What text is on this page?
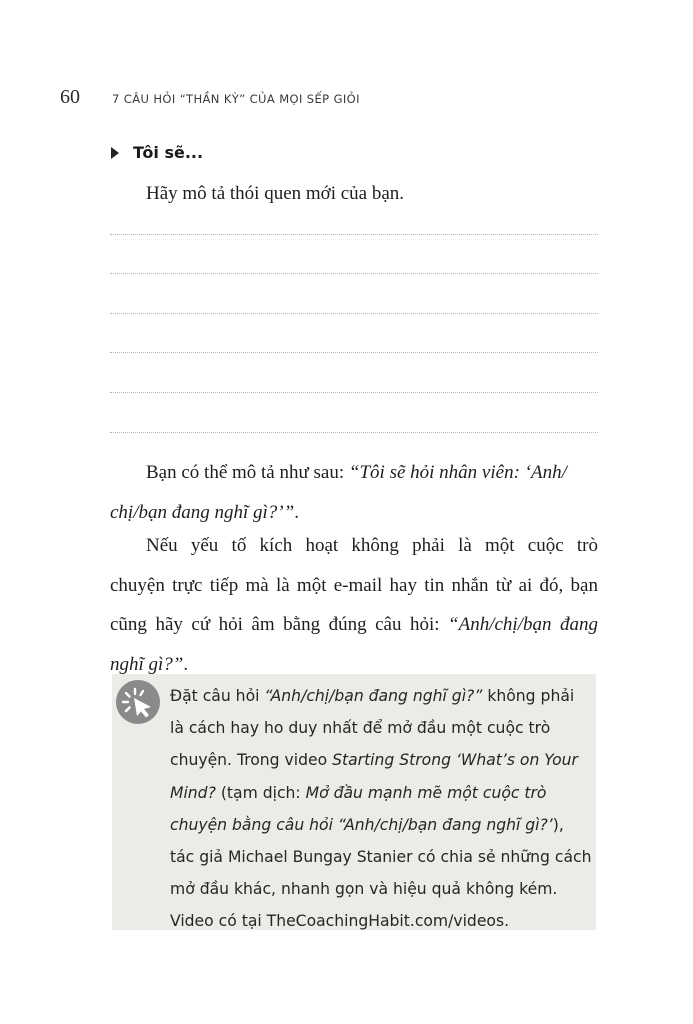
60	7 CÂU HỎI “THẦN KỲ” CỦA MỌI SẾP GIỎI
Tôi sẽ...
Hãy mô tả thói quen mới của bạn.
Bạn có thể mô tả như sau: “Tôi sẽ hỏi nhân viên: ‘Anh/
chị/bạn đang nghĩ gì?’”.
Nếu yếu tố kích hoạt không phải là một cuộc trò
chuyện trực tiếp mà là một e-mail hay tin nhắn từ ai đó, bạn
cũng hãy cứ hỏi âm bằng đúng câu hỏi: “Anh/chị/bạn đang
nghĩ gì?”.
Đặt câu hỏi “Anh/chị/bạn đang nghĩ gì?” không phải
là cách hay ho duy nhất để mở đầu một cuộc trò
chuyện. Trong video Starting Strong ‘What’s on Your
Mind? (tạm dịch: Mở đầu mạnh mẽ một cuộc trò
chuyện bằng câu hỏi “Anh/chị/bạn đang nghĩ gì?’),
tác giả Michael Bungay Stanier có chia sẻ những cách
mở đầu khác, nhanh gọn và hiệu quả không kém.
Video có tại TheCoachingHabit.com/videos.
